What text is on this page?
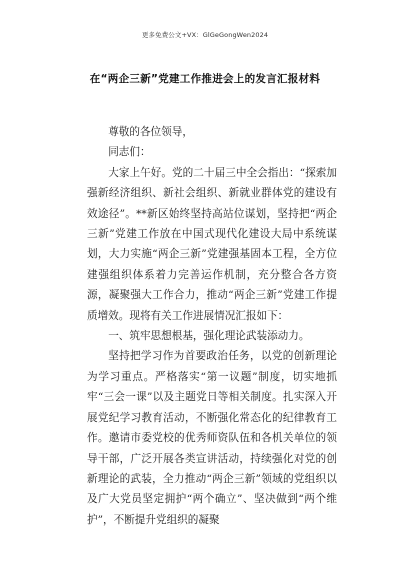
更多免费公文+VX：GlGeGongWen2024
在“两企三新”党建工作推进会上的发言汇报材料

尊敬的各位领导，

同志们：

大家上午好。党的二十届三中全会指出：“探索加强新经济组织、新社会组织、新就业群体党的建设有效途径”。**新区始终坚持高站位谋划，坚持把“两企三新”党建工作放在中国式现代化建设大局中系统谋划，大力实施“两企三新”党建强基固本工程，全方位建强组织体系着力完善运作机制，充分整合各方资源，凝聚强大工作合力，推动“两企三新”党建工作提质增效。现将有关工作进展情况汇报如下：

一、筑牢思想根基，强化理论武装添动力。

坚持把学习作为首要政治任务，以党的创新理论为学习重点。严格落实“第一议题”制度，切实地抓牢“三会一课”以及主题党日等相关制度。扎实深入开展党纪学习教育活动，不断强化常态化的纪律教育工作。邀请市委党校的优秀师资队伍和各机关单位的领导干部，广泛开展各类宣讲活动，持续强化对党的创新理论的武装，全力推动“两企三新”领域的党组织以及广大党员坚定拥护“两个确立”、坚决做到“两个维护”，不断提升党组织的凝聚
